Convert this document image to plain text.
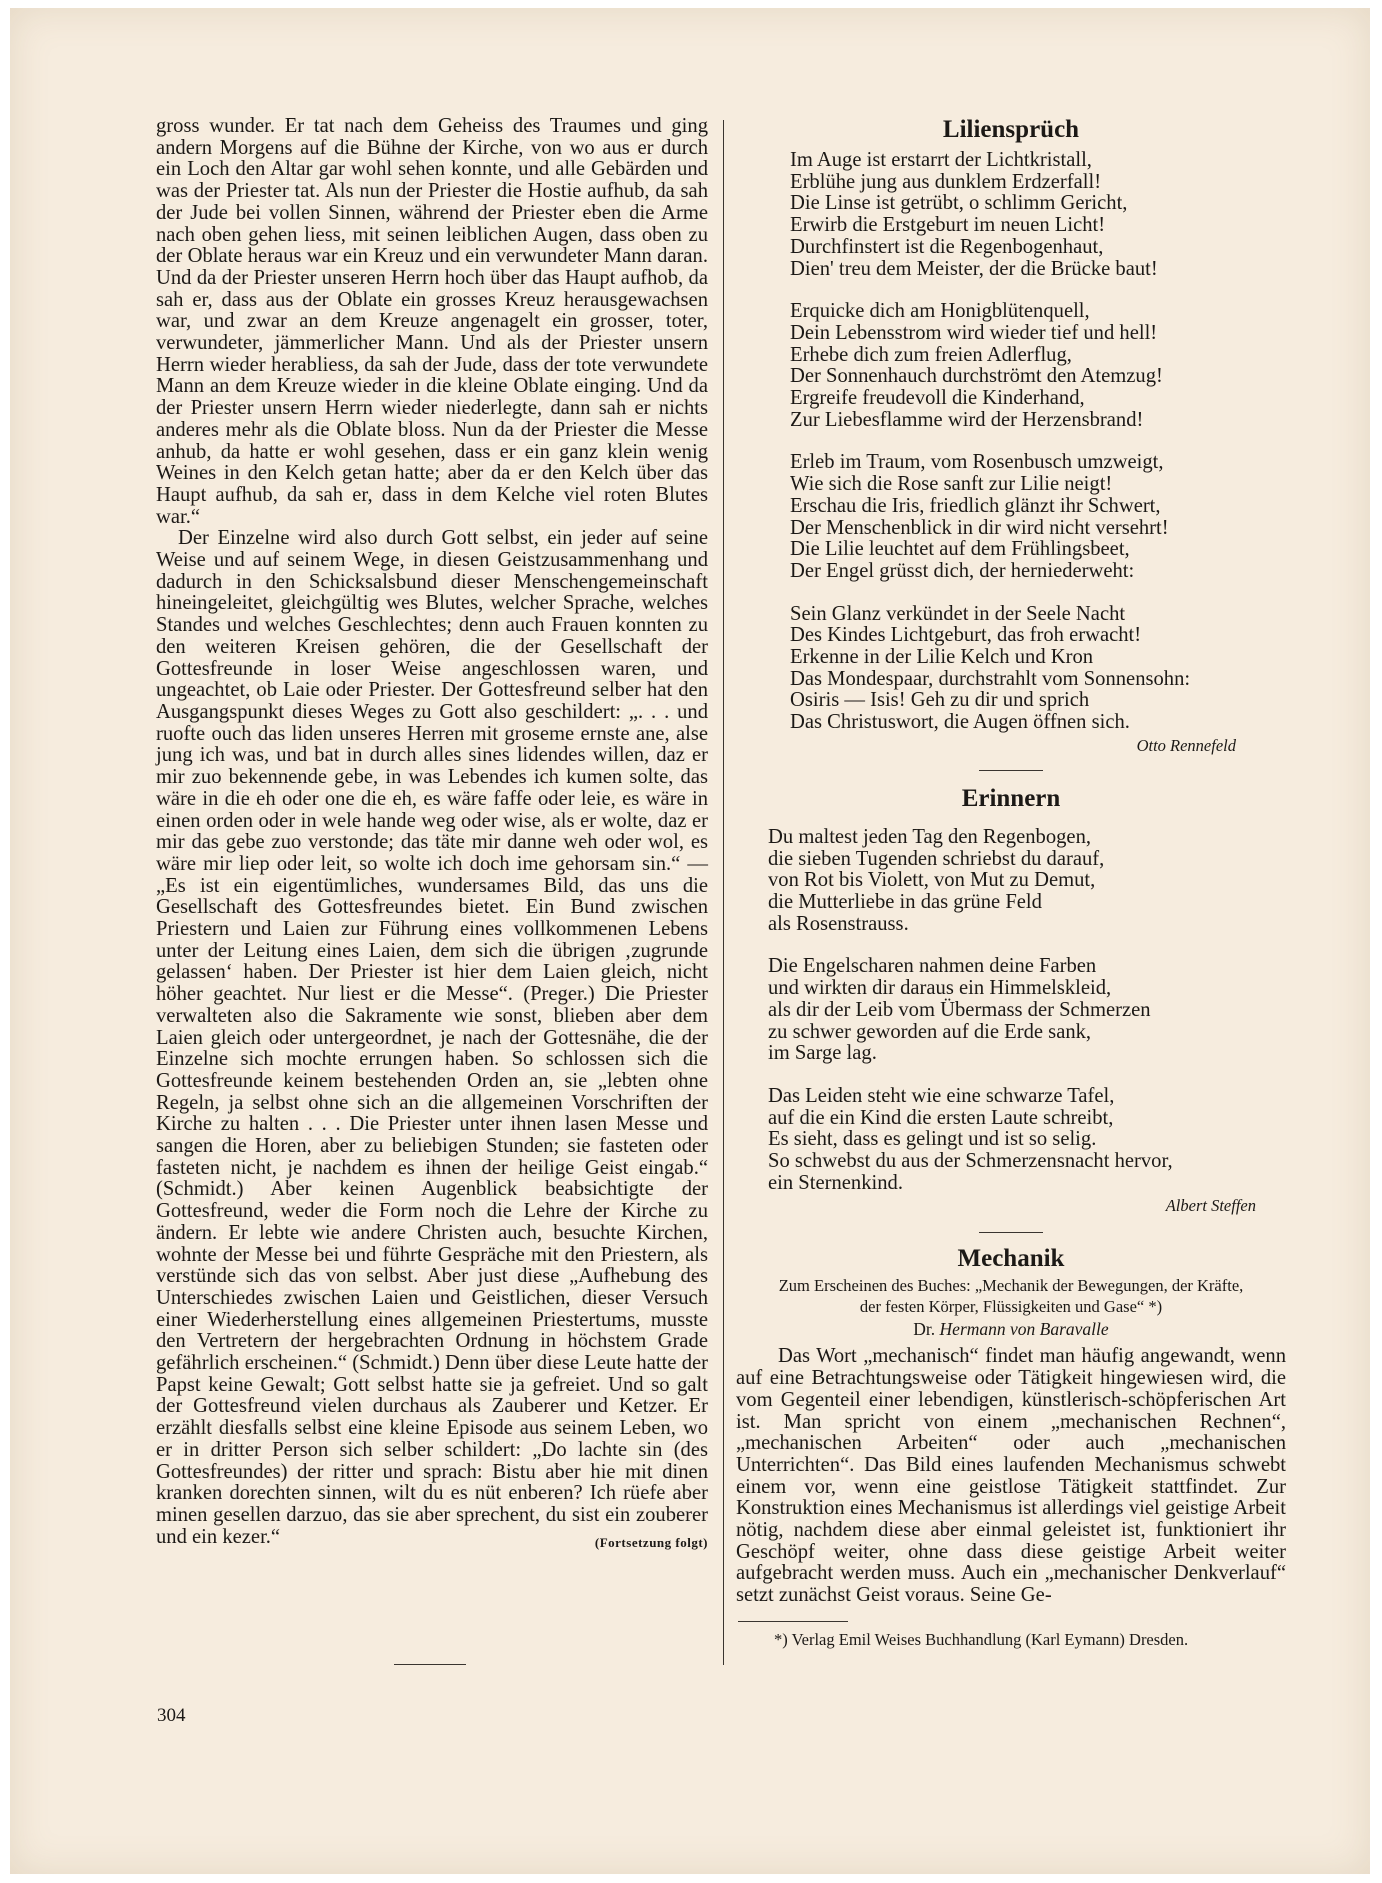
gross wunder. Er tat nach dem Geheiss des Traumes und ging andern Morgens auf die Bühne der Kirche, von wo aus er durch ein Loch den Altar gar wohl sehen konnte, und alle Gebärden und was der Priester tat. Als nun der Priester die Hostie aufhub, da sah der Jude bei vollen Sinnen, während der Priester eben die Arme nach oben gehen liess, mit seinen leiblichen Augen, dass oben zu der Oblate heraus war ein Kreuz und ein verwundeter Mann daran. Und da der Priester unseren Herrn hoch über das Haupt aufhob, da sah er, dass aus der Oblate ein grosses Kreuz herausgewachsen war, und zwar an dem Kreuze angenagelt ein grosser, toter, verwundeter, jämmerlicher Mann. Und als der Priester unsern Herrn wieder herabliess, da sah der Jude, dass der tote verwundete Mann an dem Kreuze wieder in die kleine Oblate einging. Und da der Priester unsern Herrn wieder niederlegte, dann sah er nichts anderes mehr als die Oblate bloss. Nun da der Priester die Messe anhub, da hatte er wohl gesehen, dass er ein ganz klein wenig Weines in den Kelch getan hatte; aber da er den Kelch über das Haupt aufhub, da sah er, dass in dem Kelche viel roten Blutes war.“

Der Einzelne wird also durch Gott selbst, ein jeder auf seine Weise und auf seinem Wege, in diesen Geistzusammenhang und dadurch in den Schicksalsbund dieser Menschengemeinschaft hineingeleitet, gleichgültig wes Blutes, welcher Sprache, welches Standes und welches Geschlechtes; denn auch Frauen konnten zu den weiteren Kreisen gehören, die der Gesellschaft der Gottesfreunde in loser Weise angeschlossen waren, und ungeachtet, ob Laie oder Priester. Der Gottesfreund selber hat den Ausgangspunkt dieses Weges zu Gott also geschildert: „. . . und ruofte ouch das liden unseres Herren mit groseme ernste ane, alse jung ich was, und bat in durch alles sines lidendes willen, daz er mir zuo bekennende gebe, in was Lebendes ich kumen solte, das wäre in die eh oder one die eh, es wäre faffe oder leie, es wäre in einen orden oder in wele hande weg oder wise, als er wolte, daz er mir das gebe zuo verstonde; das täte mir danne weh oder wol, es wäre mir liep oder leit, so wolte ich doch ime gehorsam sin.“ — „Es ist ein eigentümliches, wundersames Bild, das uns die Gesellschaft des Gottesfreundes bietet. Ein Bund zwischen Priestern und Laien zur Führung eines vollkommenen Lebens unter der Leitung eines Laien, dem sich die übrigen ‚zugrunde gelassen‘ haben. Der Priester ist hier dem Laien gleich, nicht höher geachtet. Nur liest er die Messe“. (Preger.) Die Priester verwalteten also die Sakramente wie sonst, blieben aber dem Laien gleich oder untergeordnet, je nach der Gottesnähe, die der Einzelne sich mochte errungen haben. So schlossen sich die Gottesfreunde keinem bestehenden Orden an, sie „lebten ohne Regeln, ja selbst ohne sich an die allgemeinen Vorschriften der Kirche zu halten . . . Die Priester unter ihnen lasen Messe und sangen die Horen, aber zu beliebigen Stunden; sie fasteten oder fasteten nicht, je nachdem es ihnen der heilige Geist eingab.“ (Schmidt.) Aber keinen Augenblick beabsichtigte der Gottesfreund, weder die Form noch die Lehre der Kirche zu ändern. Er lebte wie andere Christen auch, besuchte Kirchen, wohnte der Messe bei und führte Gespräche mit den Priestern, als verstünde sich das von selbst. Aber just diese „Aufhebung des Unterschiedes zwischen Laien und Geistlichen, dieser Versuch einer Wiederherstellung eines allgemeinen Priestertums, musste den Vertretern der hergebrachten Ordnung in höchstem Grade gefährlich erscheinen.“ (Schmidt.) Denn über diese Leute hatte der Papst keine Gewalt; Gott selbst hatte sie ja gefreiet. Und so galt der Gottesfreund vielen durchaus als Zauberer und Ketzer. Er erzählt diesfalls selbst eine kleine Episode aus seinem Leben, wo er in dritter Person sich selber schildert: „Do lachte sin (des Gottesfreundes) der ritter und sprach: Bistu aber hie mit dinen kranken dorechten sinnen, wilt du es nüt enberen? Ich rüefe aber minen gesellen darzuo, das sie aber sprechent, du sist ein zouberer und ein kezer.“	(Fortsetzung folgt)

304
Liliensprüch
Im Auge ist erstarrt der Lichtkristall,
Erblühe jung aus dunklem Erdzerfall!
Die Linse ist getrübt, o schlimm Gericht,
Erwirb die Erstgeburt im neuen Licht!
Durchfinstert ist die Regenbogenhaut,
Dien' treu dem Meister, der die Brücke baut!
Erquicke dich am Honigblütenquell,
Dein Lebensstrom wird wieder tief und hell!
Erhebe dich zum freien Adlerflug,
Der Sonnenhauch durchströmt den Atemzug!
Ergreife freudevoll die Kinderhand,
Zur Liebesflamme wird der Herzensbrand!
Erleb im Traum, vom Rosenbusch umzweigt,
Wie sich die Rose sanft zur Lilie neigt!
Erschau die Iris, friedlich glänzt ihr Schwert,
Der Menschenblick in dir wird nicht versehrt!
Die Lilie leuchtet auf dem Frühlingsbeet,
Der Engel grüsst dich, der herniederweht:
Sein Glanz verkündet in der Seele Nacht
Des Kindes Lichtgeburt, das froh erwacht!
Erkenne in der Lilie Kelch und Kron
Das Mondespaar, durchstrahlt vom Sonnensohn:
Osiris — Isis! Geh zu dir und sprich
Das Christuswort, die Augen öffnen sich.
Otto Rennefeld
Erinnern
Du maltest jeden Tag den Regenbogen,
die sieben Tugenden schriebst du darauf,
von Rot bis Violett, von Mut zu Demut,
die Mutterliebe in das grüne Feld
als Rosenstrauss.
Die Engelscharen nahmen deine Farben
und wirkten dir daraus ein Himmelskleid,
als dir der Leib vom Übermass der Schmerzen
zu schwer geworden auf die Erde sank,
im Sarge lag.
Das Leiden steht wie eine schwarze Tafel,
auf die ein Kind die ersten Laute schreibt,
Es sieht, dass es gelingt und ist so selig.
So schwebst du aus der Schmerzensnacht hervor,
ein Sternenkind.
Albert Steffen
Mechanik
Zum Erscheinen des Buches: „Mechanik der Bewegungen, der Kräfte,
der festen Körper, Flüssigkeiten und Gase“ *)
Dr. Hermann von Baravalle

Das Wort „mechanisch“ findet man häufig angewandt, wenn auf eine Betrachtungsweise oder Tätigkeit hingewiesen wird, die vom Gegenteil einer lebendigen, künstlerisch-schöpferischen Art ist. Man spricht von einem „mechanischen Rechnen“, „mechanischen Arbeiten“ oder auch „mechanischen Unterrichten“. Das Bild eines laufenden Mechanismus schwebt einem vor, wenn eine geistlose Tätigkeit stattfindet. Zur Konstruktion eines Mechanismus ist allerdings viel geistige Arbeit nötig, nachdem diese aber einmal geleistet ist, funktioniert ihr Geschöpf weiter, ohne dass diese geistige Arbeit weiter aufgebracht werden muss. Auch ein „mechanischer Denkverlauf“ setzt zunächst Geist voraus. Seine Ge-

*) Verlag Emil Weises Buchhandlung (Karl Eymann) Dresden.
